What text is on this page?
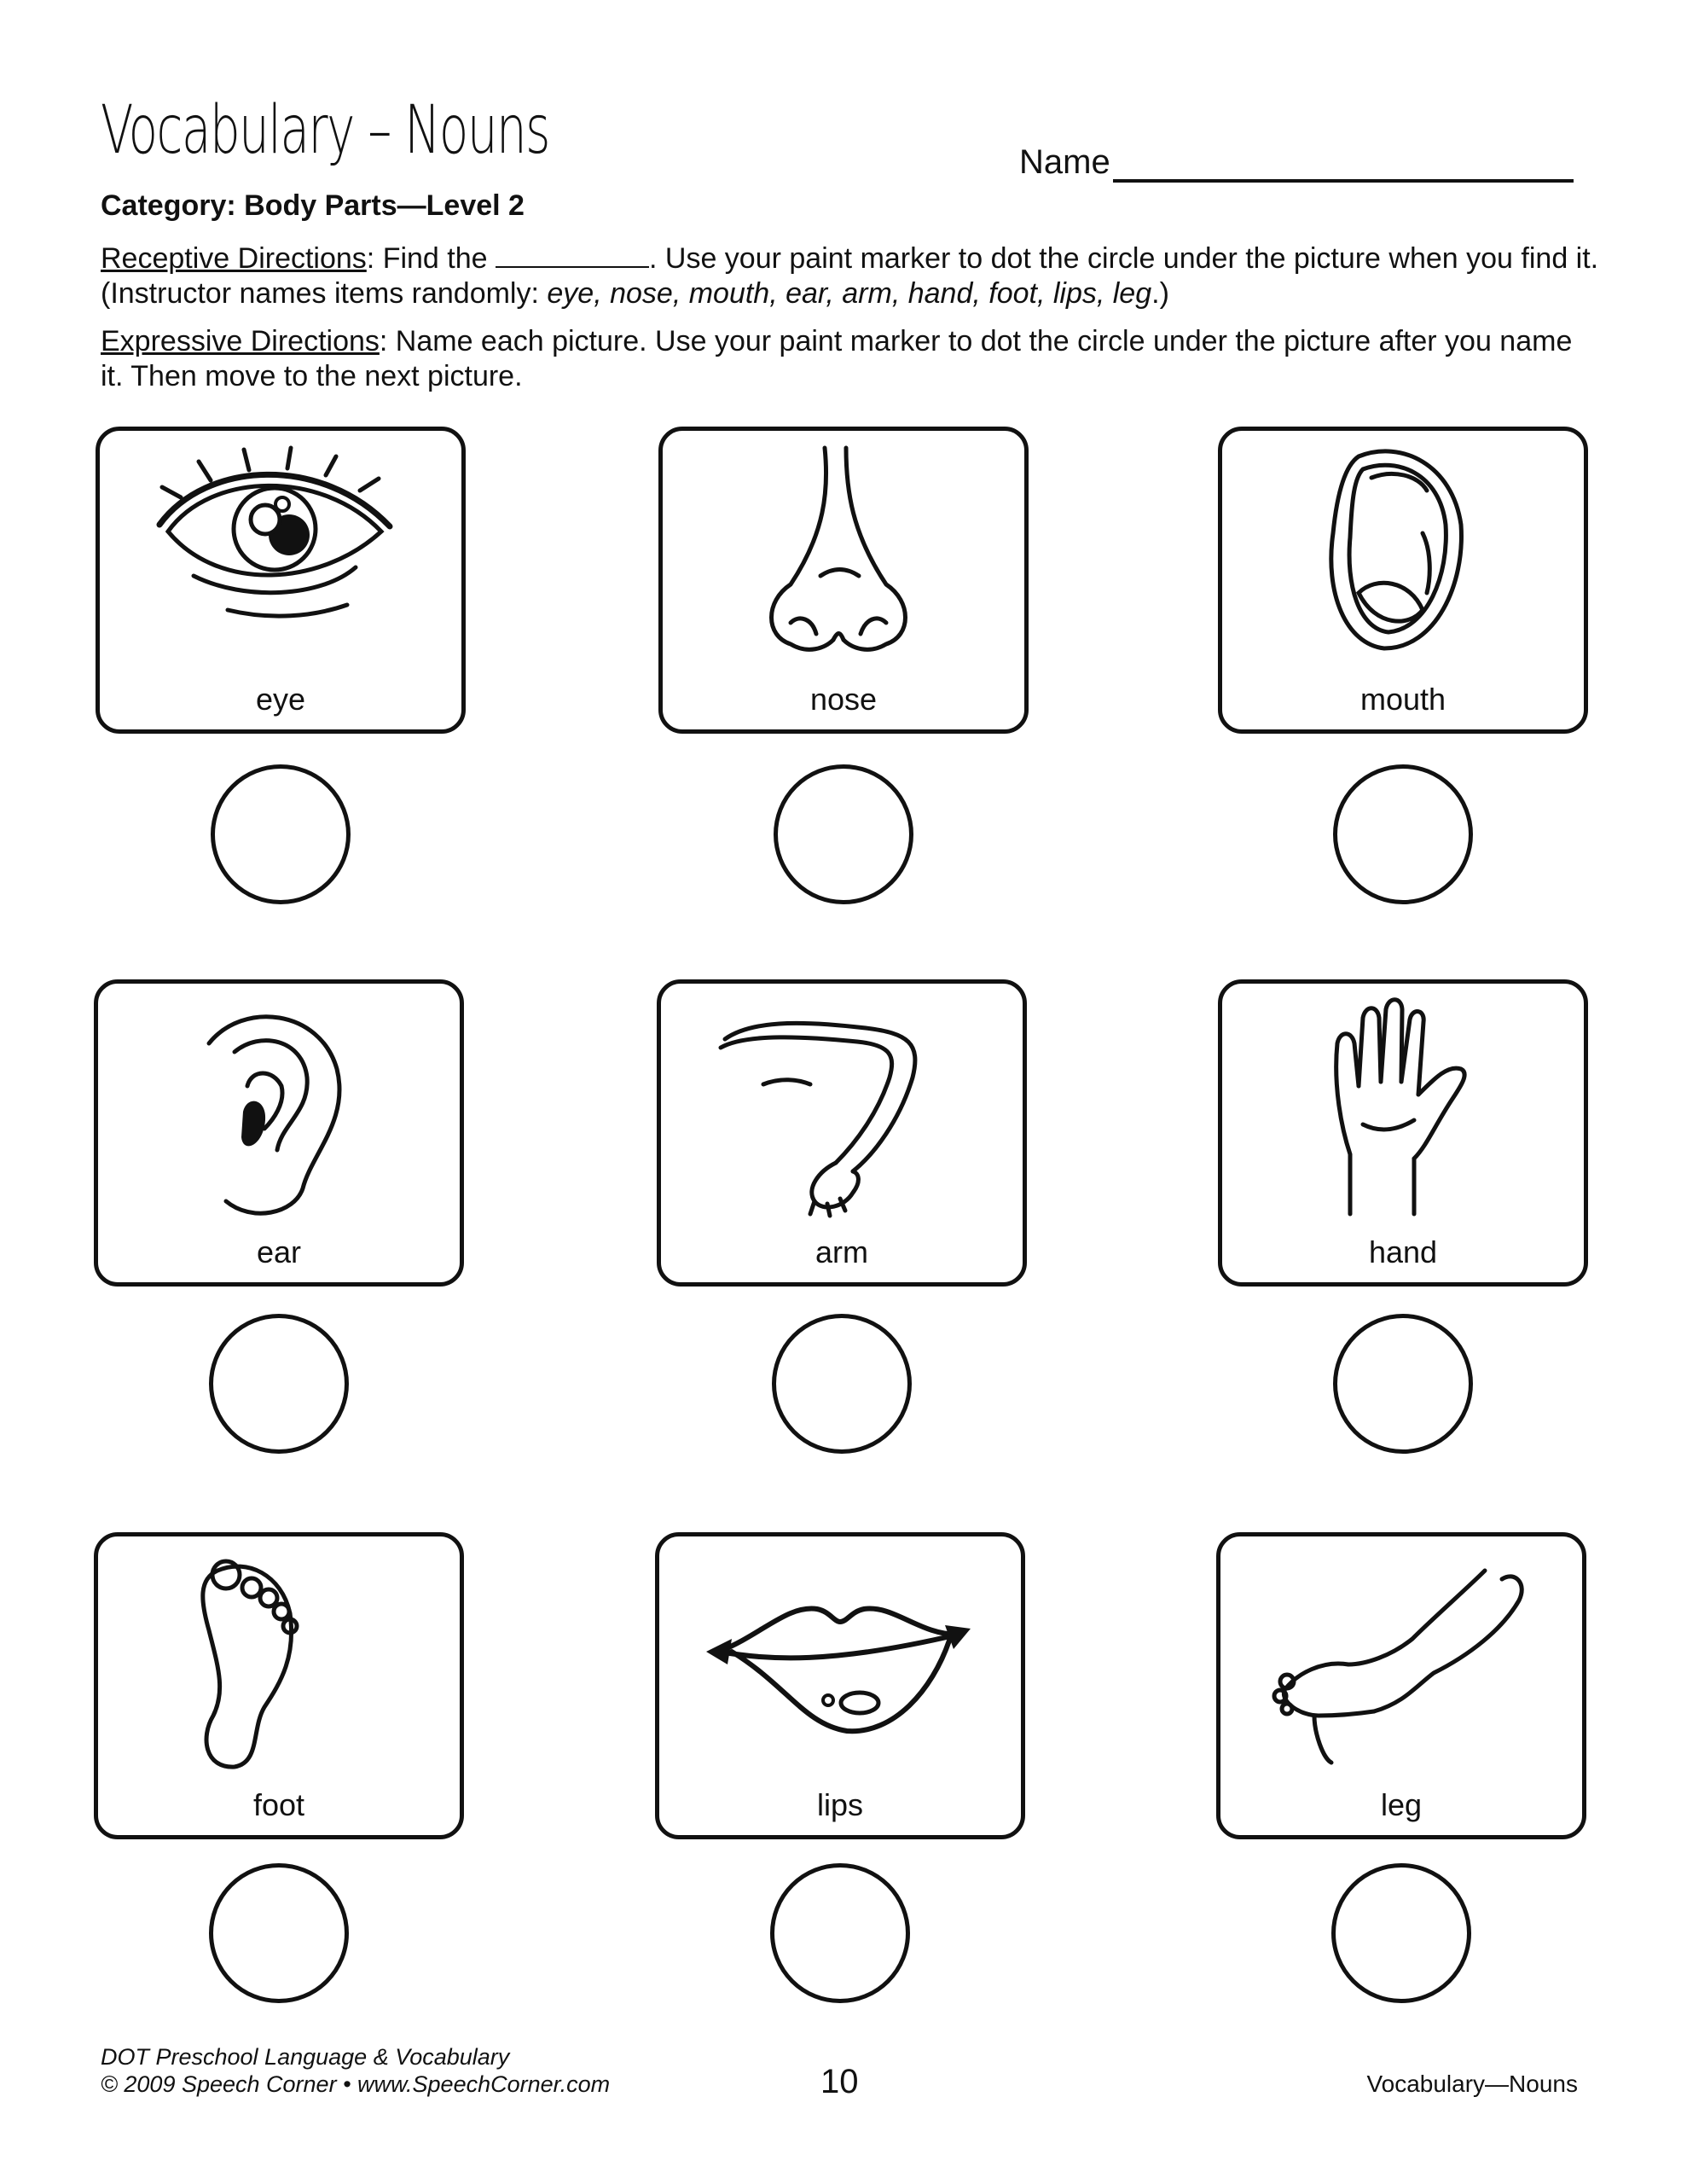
Vocabulary – Nouns	Name
Category: Body Parts—Level 2
Receptive Directions: Find the	. Use your paint marker to dot the circle under the picture when you find it. (Instructor names items randomly: eye, nose, mouth, ear, arm, hand, foot, lips, leg.)
Expressive Directions: Name each picture. Use your paint marker to dot the circle under the picture after you name it. Then move to the next picture.
eye	nose	mouth
ear	arm	hand
foot	lips	leg
DOT Preschool Language & Vocabulary
© 2009 Speech Corner • www.SpeechCorner.com	10	Vocabulary—Nouns
